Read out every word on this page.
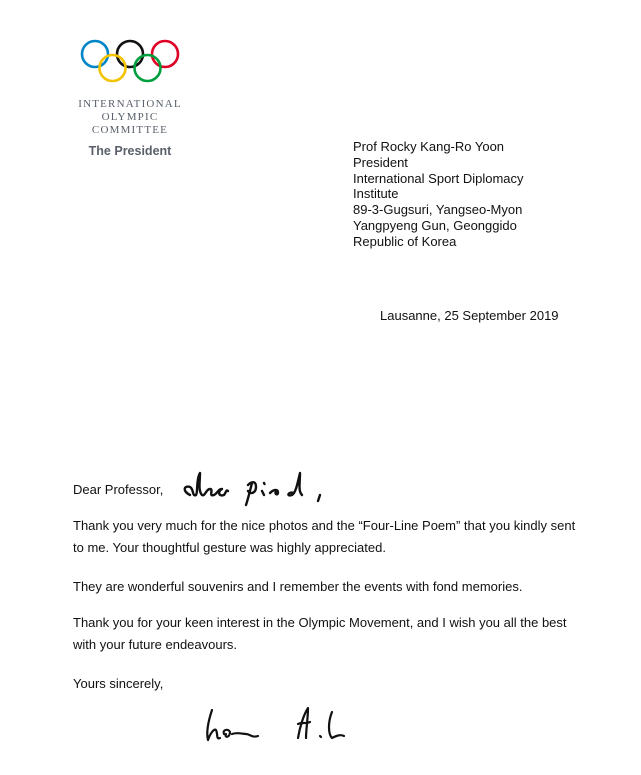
INTERNATIONAL
OLYMPIC
COMMITTEE
The President	Prof Rocky Kang-Ro Yoon
President
International Sport Diplomacy
Institute
89-3-Gugsuri, Yangseo-Myon
Yangpyeng Gun, Geonggido
Republic of Korea
Lausanne, 25 September 2019
Dear Professor,
Thank you very much for the nice photos and the “Four-Line Poem” that you kindly sent to me. Your thoughtful gesture was highly appreciated.
They are wonderful souvenirs and I remember the events with fond memories.
Thank you for your keen interest in the Olympic Movement, and I wish you all the best with your future endeavours.
Yours sincerely,
